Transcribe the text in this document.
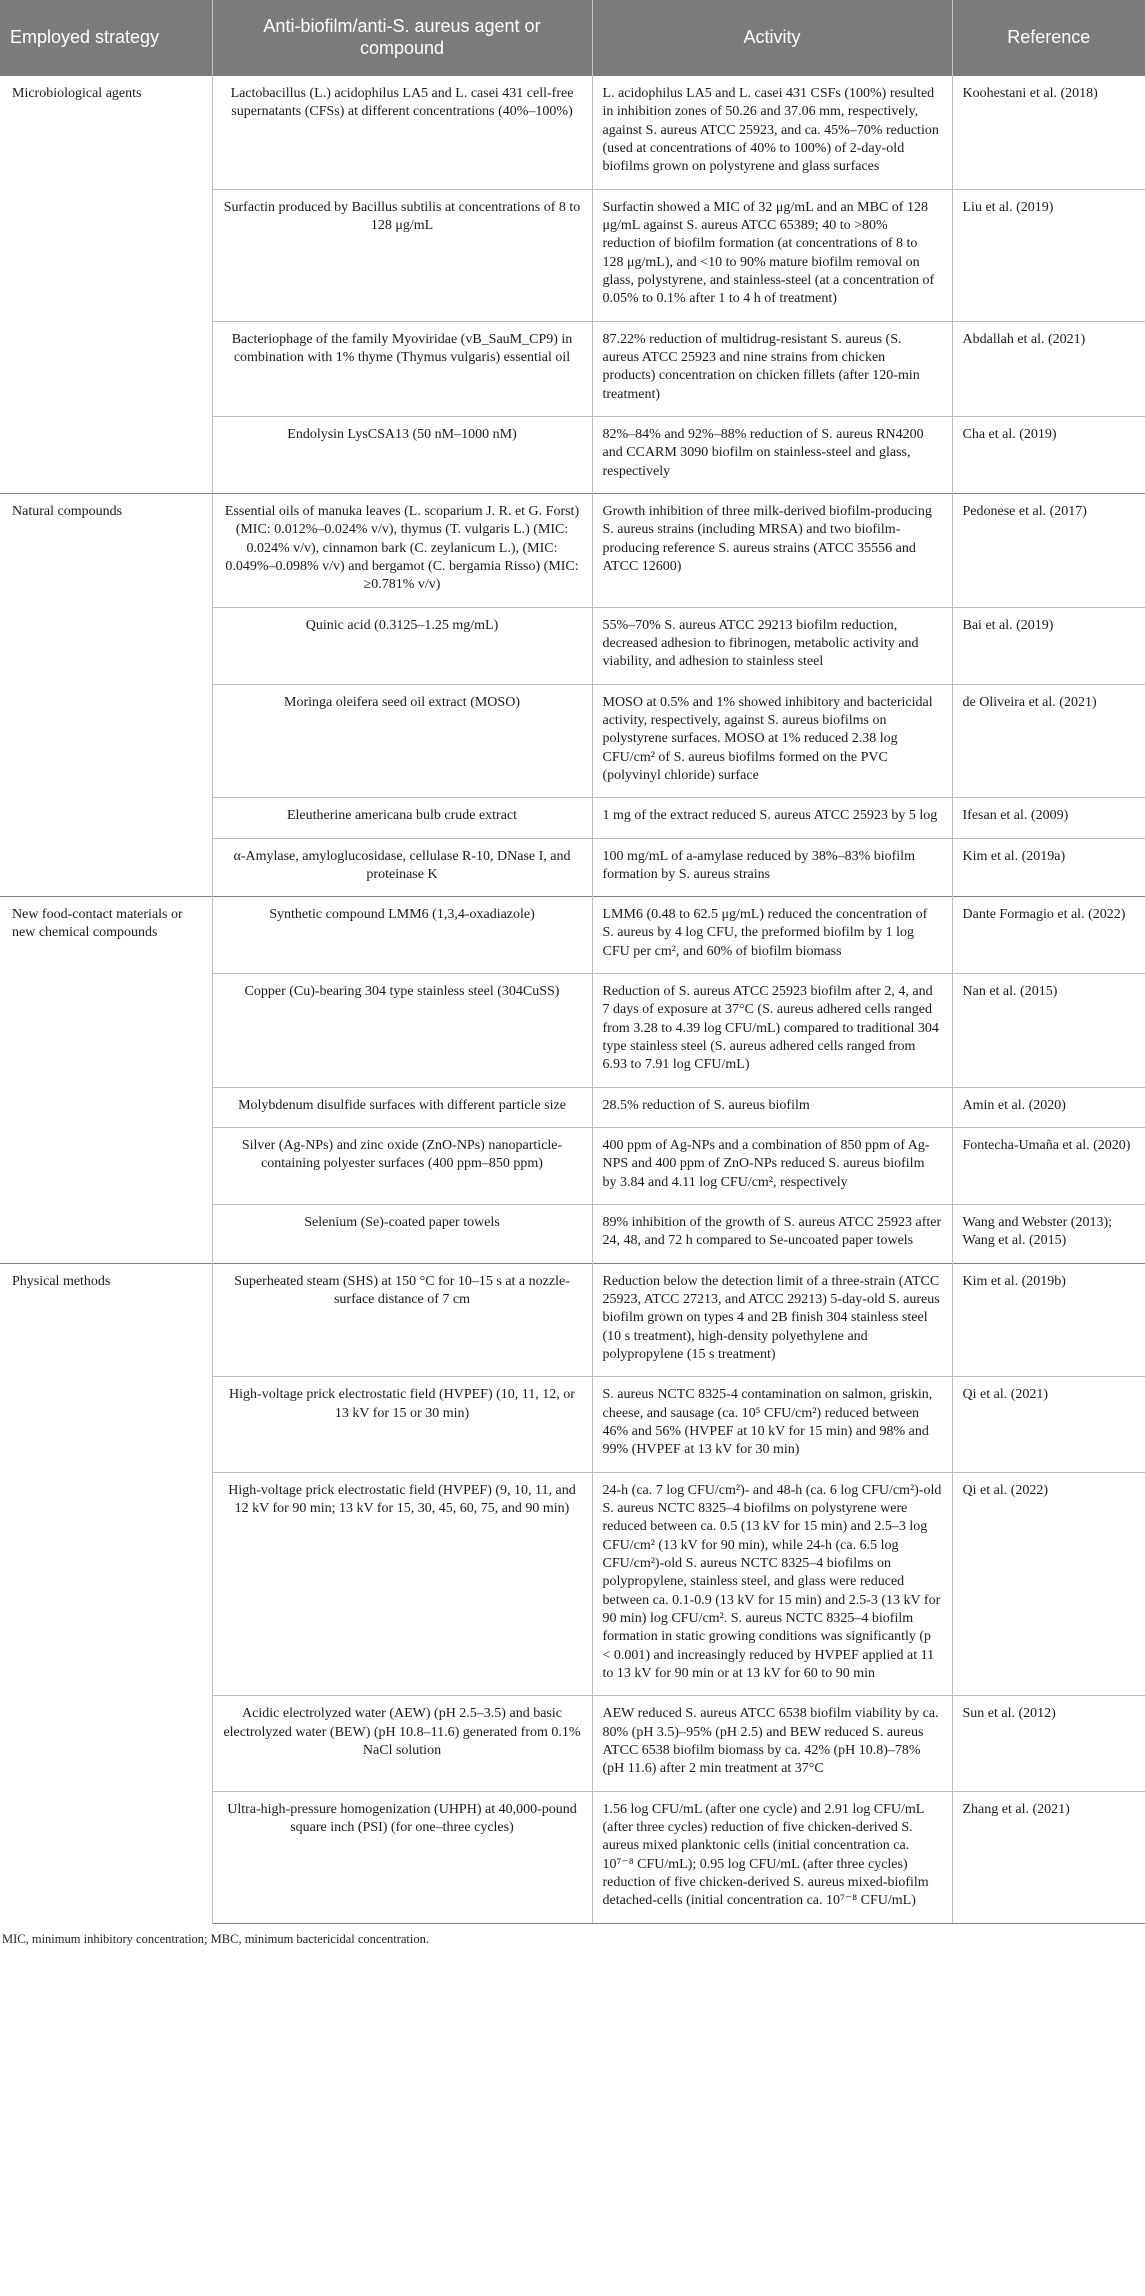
Employed strategy	Anti-biofilm/anti-S. aureus agent or compound	Activity	Reference
Microbiological agents	Lactobacillus (L.) acidophilus LA5 and L. casei 431 cell-free supernatants (CFSs) at different concentrations (40%–100%)	L. acidophilus LA5 and L. casei 431 CSFs (100%) resulted in inhibition zones of 50.26 and 37.06 mm, respectively, against S. aureus ATCC 25923, and ca. 45%–70% reduction (used at concentrations of 40% to 100%) of 2-day-old biofilms grown on polystyrene and glass surfaces	Koohestani et al. (2018)
	Surfactin produced by Bacillus subtilis at concentrations of 8 to 128 μg/mL	Surfactin showed a MIC of 32 μg/mL and an MBC of 128 μg/mL against S. aureus ATCC 65389; 40 to >80% reduction of biofilm formation (at concentrations of 8 to 128 μg/mL), and <10 to 90% mature biofilm removal on glass, polystyrene, and stainless-steel (at a concentration of 0.05% to 0.1% after 1 to 4 h of treatment)	Liu et al. (2019)
	Bacteriophage of the family Myoviridae (vB_SauM_CP9) in combination with 1% thyme (Thymus vulgaris) essential oil	87.22% reduction of multidrug-resistant S. aureus (S. aureus ATCC 25923 and nine strains from chicken products) concentration on chicken fillets (after 120-min treatment)	Abdallah et al. (2021)
	Endolysin LysCSA13 (50 nM–1000 nM)	82%–84% and 92%–88% reduction of S. aureus RN4200 and CCARM 3090 biofilm on stainless-steel and glass, respectively	Cha et al. (2019)
Natural compounds	Essential oils of manuka leaves (L. scoparium J. R. et G. Forst) (MIC: 0.012%–0.024% v/v), thymus (T. vulgaris L.) (MIC: 0.024% v/v), cinnamon bark (C. zeylanicum L.), (MIC: 0.049%–0.098% v/v) and bergamot (C. bergamia Risso) (MIC: ≥0.781% v/v)	Growth inhibition of three milk-derived biofilm-producing S. aureus strains (including MRSA) and two biofilm-producing reference S. aureus strains (ATCC 35556 and ATCC 12600)	Pedonese et al. (2017)
	Quinic acid (0.3125–1.25 mg/mL)	55%–70% S. aureus ATCC 29213 biofilm reduction, decreased adhesion to fibrinogen, metabolic activity and viability, and adhesion to stainless steel	Bai et al. (2019)
	Moringa oleifera seed oil extract (MOSO)	MOSO at 0.5% and 1% showed inhibitory and bactericidal activity, respectively, against S. aureus biofilms on polystyrene surfaces. MOSO at 1% reduced 2.38 log CFU/cm² of S. aureus biofilms formed on the PVC (polyvinyl chloride) surface	de Oliveira et al. (2021)
	Eleutherine americana bulb crude extract	1 mg of the extract reduced S. aureus ATCC 25923 by 5 log	Ifesan et al. (2009)
	α-Amylase, amyloglucosidase, cellulase R-10, DNase I, and proteinase K	100 mg/mL of a-amylase reduced by 38%–83% biofilm formation by S. aureus strains	Kim et al. (2019a)
New food-contact materials or new chemical compounds	Synthetic compound LMM6 (1,3,4-oxadiazole)	LMM6 (0.48 to 62.5 μg/mL) reduced the concentration of S. aureus by 4 log CFU, the preformed biofilm by 1 log CFU per cm², and 60% of biofilm biomass	Dante Formagio et al. (2022)
	Copper (Cu)-bearing 304 type stainless steel (304CuSS)	Reduction of S. aureus ATCC 25923 biofilm after 2, 4, and 7 days of exposure at 37°C (S. aureus adhered cells ranged from 3.28 to 4.39 log CFU/mL) compared to traditional 304 type stainless steel (S. aureus adhered cells ranged from 6.93 to 7.91 log CFU/mL)	Nan et al. (2015)
	Molybdenum disulfide surfaces with different particle size	28.5% reduction of S. aureus biofilm	Amin et al. (2020)
	Silver (Ag-NPs) and zinc oxide (ZnO-NPs) nanoparticle-containing polyester surfaces (400 ppm–850 ppm)	400 ppm of Ag-NPs and a combination of 850 ppm of Ag-NPS and 400 ppm of ZnO-NPs reduced S. aureus biofilm by 3.84 and 4.11 log CFU/cm², respectively	Fontecha-Umaña et al. (2020)
	Selenium (Se)-coated paper towels	89% inhibition of the growth of S. aureus ATCC 25923 after 24, 48, and 72 h compared to Se-uncoated paper towels	Wang and Webster (2013); Wang et al. (2015)
Physical methods	Superheated steam (SHS) at 150 °C for 10–15 s at a nozzle-surface distance of 7 cm	Reduction below the detection limit of a three-strain (ATCC 25923, ATCC 27213, and ATCC 29213) 5-day-old S. aureus biofilm grown on types 4 and 2B finish 304 stainless steel (10 s treatment), high-density polyethylene and polypropylene (15 s treatment)	Kim et al. (2019b)
	High-voltage prick electrostatic field (HVPEF) (10, 11, 12, or 13 kV for 15 or 30 min)	S. aureus NCTC 8325-4 contamination on salmon, griskin, cheese, and sausage (ca. 10⁵ CFU/cm²) reduced between 46% and 56% (HVPEF at 10 kV for 15 min) and 98% and 99% (HVPEF at 13 kV for 30 min)	Qi et al. (2021)
	High-voltage prick electrostatic field (HVPEF) (9, 10, 11, and 12 kV for 90 min; 13 kV for 15, 30, 45, 60, 75, and 90 min)	24-h (ca. 7 log CFU/cm²)- and 48-h (ca. 6 log CFU/cm²)-old S. aureus NCTC 8325–4 biofilms on polystyrene were reduced between ca. 0.5 (13 kV for 15 min) and 2.5–3 log CFU/cm² (13 kV for 90 min), while 24-h (ca. 6.5 log CFU/cm²)-old S. aureus NCTC 8325–4 biofilms on polypropylene, stainless steel, and glass were reduced between ca. 0.1-0.9 (13 kV for 15 min) and 2.5-3 (13 kV for 90 min) log CFU/cm². S. aureus NCTC 8325–4 biofilm formation in static growing conditions was significantly (p < 0.001) and increasingly reduced by HVPEF applied at 11 to 13 kV for 90 min or at 13 kV for 60 to 90 min	Qi et al. (2022)
	Acidic electrolyzed water (AEW) (pH 2.5–3.5) and basic electrolyzed water (BEW) (pH 10.8–11.6) generated from 0.1% NaCl solution	AEW reduced S. aureus ATCC 6538 biofilm viability by ca. 80% (pH 3.5)–95% (pH 2.5) and BEW reduced S. aureus ATCC 6538 biofilm biomass by ca. 42% (pH 10.8)–78% (pH 11.6) after 2 min treatment at 37°C	Sun et al. (2012)
	Ultra-high-pressure homogenization (UHPH) at 40,000-pound square inch (PSI) (for one–three cycles)	1.56 log CFU/mL (after one cycle) and 2.91 log CFU/mL (after three cycles) reduction of five chicken-derived S. aureus mixed planktonic cells (initial concentration ca. 10⁷⁻⁸ CFU/mL); 0.95 log CFU/mL (after three cycles) reduction of five chicken-derived S. aureus mixed-biofilm detached-cells (initial concentration ca. 10⁷⁻⁸ CFU/mL)	Zhang et al. (2021)
MIC, minimum inhibitory concentration; MBC, minimum bactericidal concentration.
